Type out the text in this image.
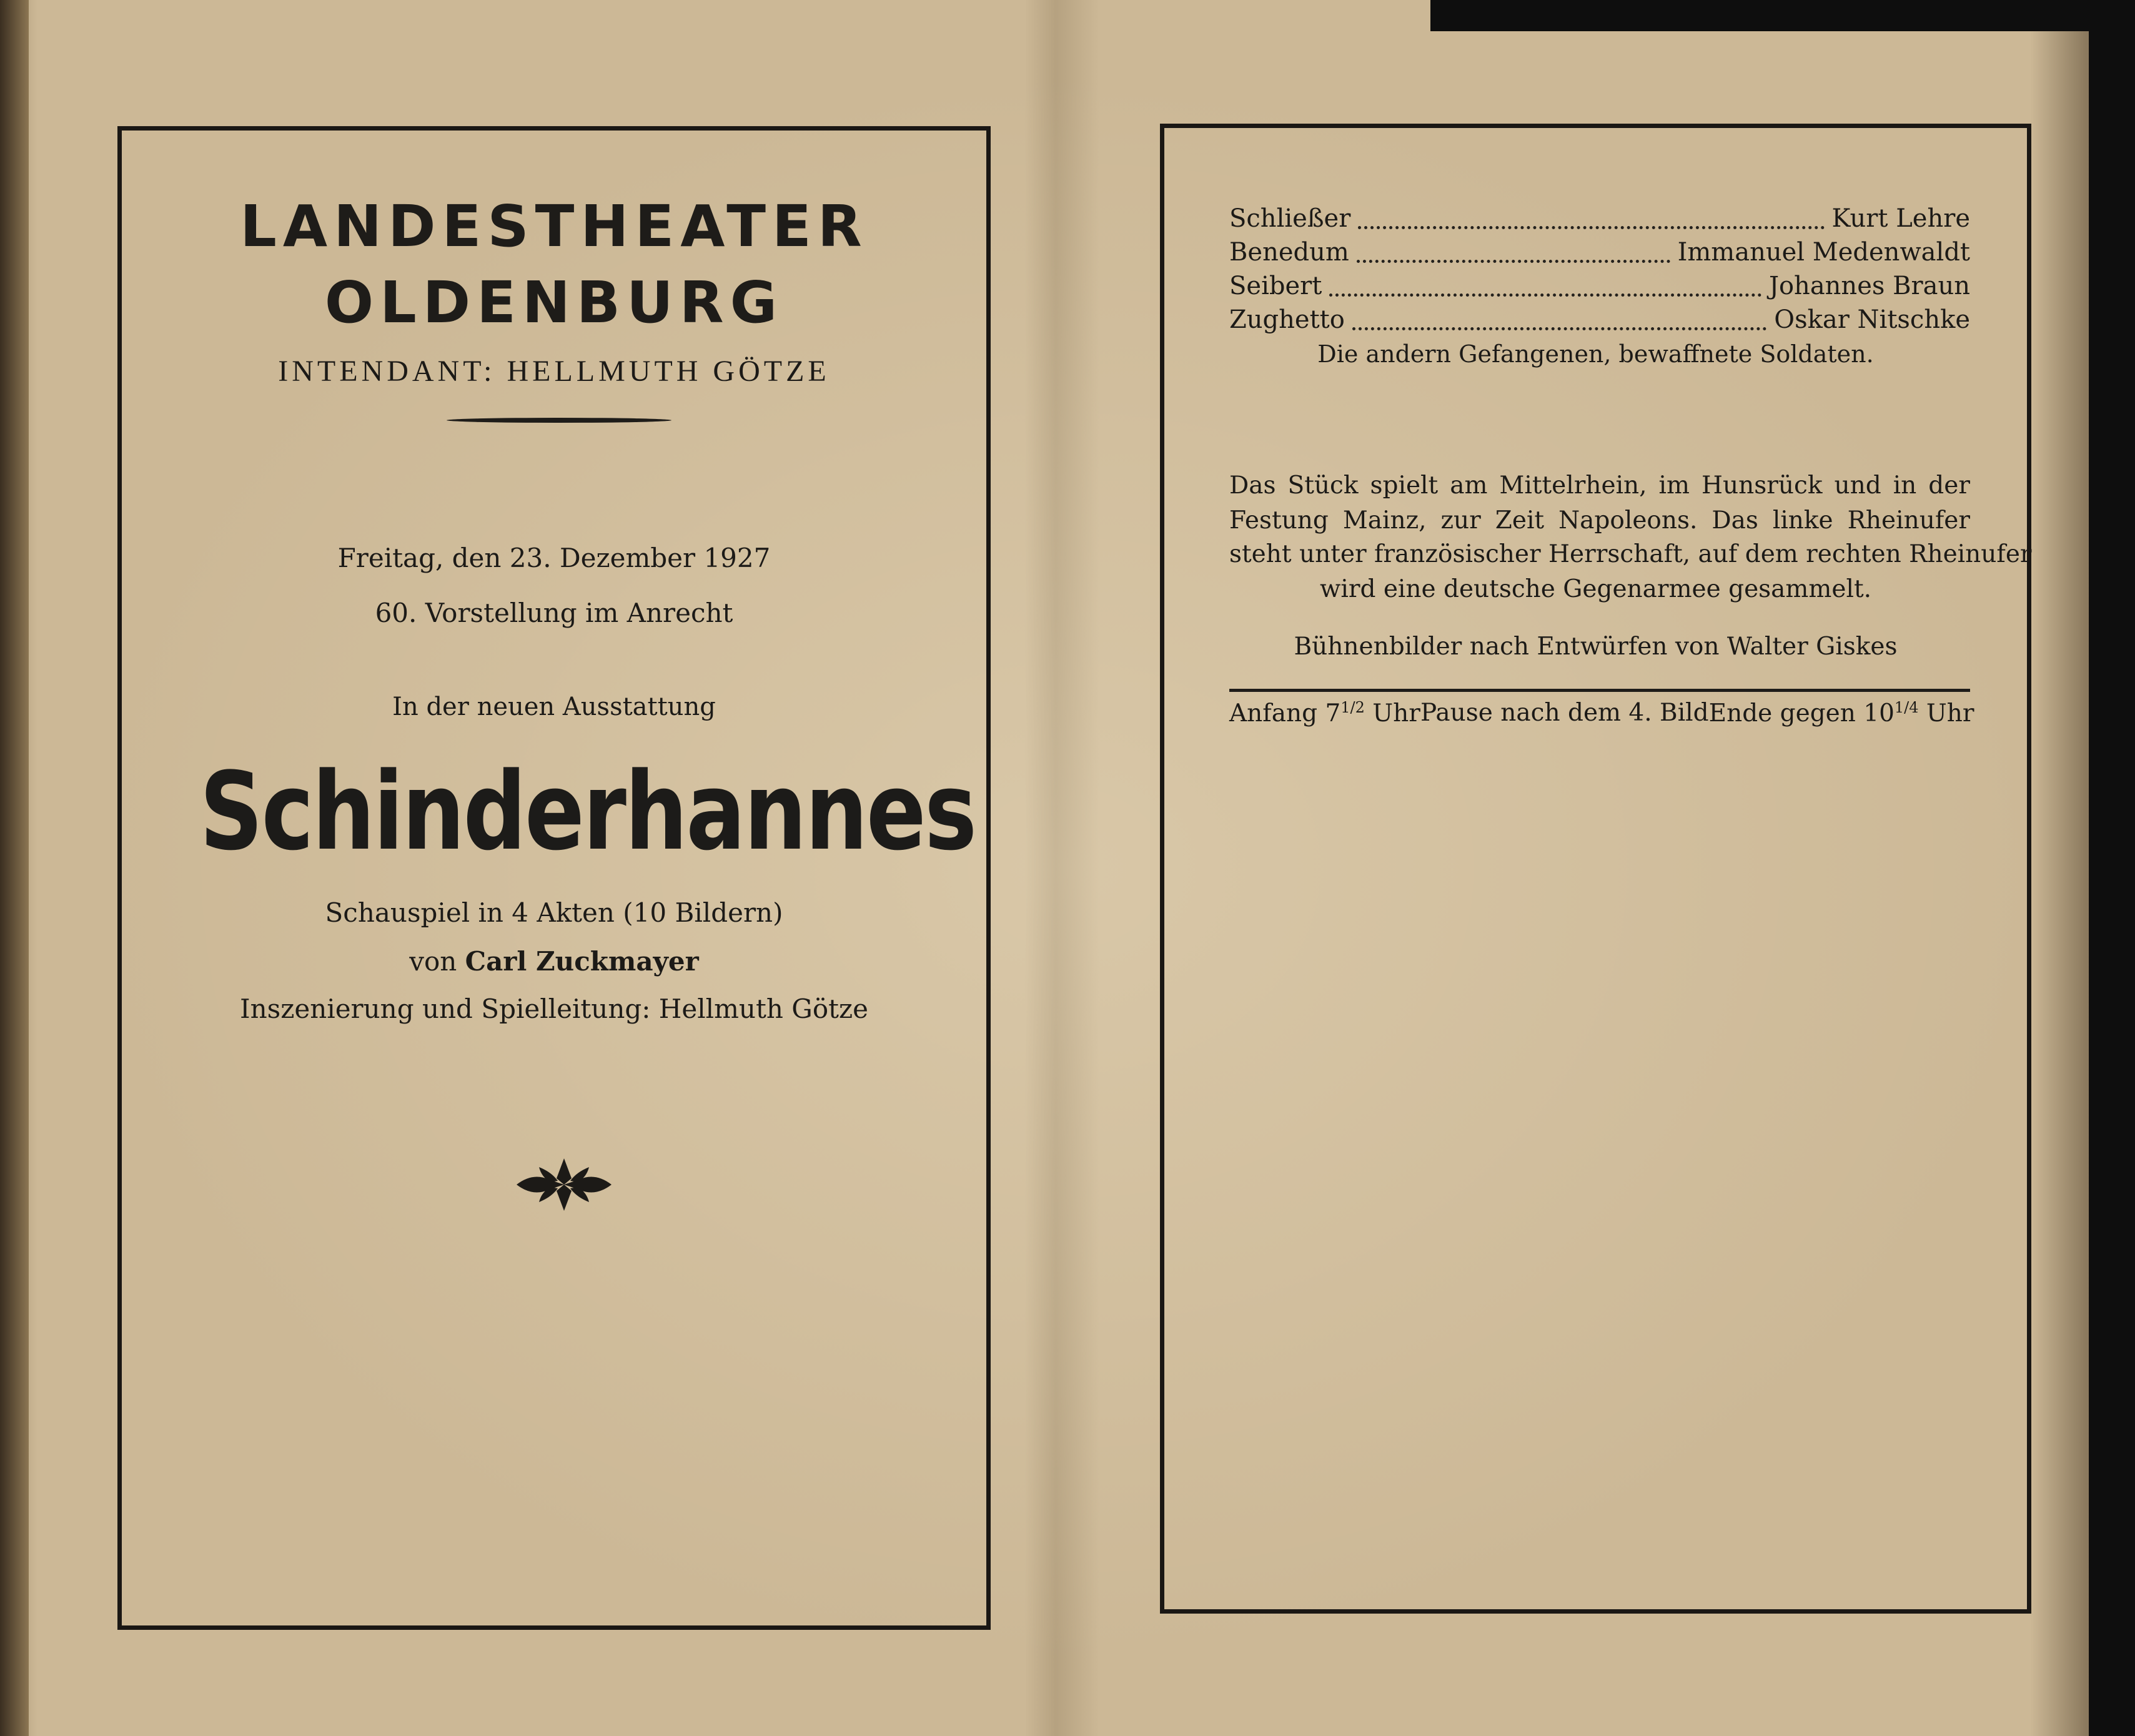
LANDESTHEATER
OLDENBURG
INTENDANT: HELLMUTH GÖTZE
Freitag, den 23. Dezember 1927
60. Vorstellung im Anrecht
In der neuen Ausstattung
Schinderhannes
Schauspiel in 4 Akten (10 Bildern)
von Carl Zuckmayer
Inszenierung und Spielleitung: Hellmuth Götze
Schließer	Kurt Lehre
Benedum	Immanuel Medenwaldt
Seibert	Johannes Braun
Zughetto	Oskar Nitschke
Die andern Gefangenen, bewaffnete Soldaten.
Das Stück spielt am Mittelrhein, im Hunsrück und in der
Festung Mainz, zur Zeit Napoleons. Das linke Rheinufer
steht unter französischer Herrschaft, auf dem rechten Rheinufer
wird eine deutsche Gegenarmee gesammelt.
Bühnenbilder nach Entwürfen von Walter Giskes
Anfang $7^{1/2}$ Uhr Pause nach dem 4. Bild Ende gegen $10^{1/4}$ Uhr
